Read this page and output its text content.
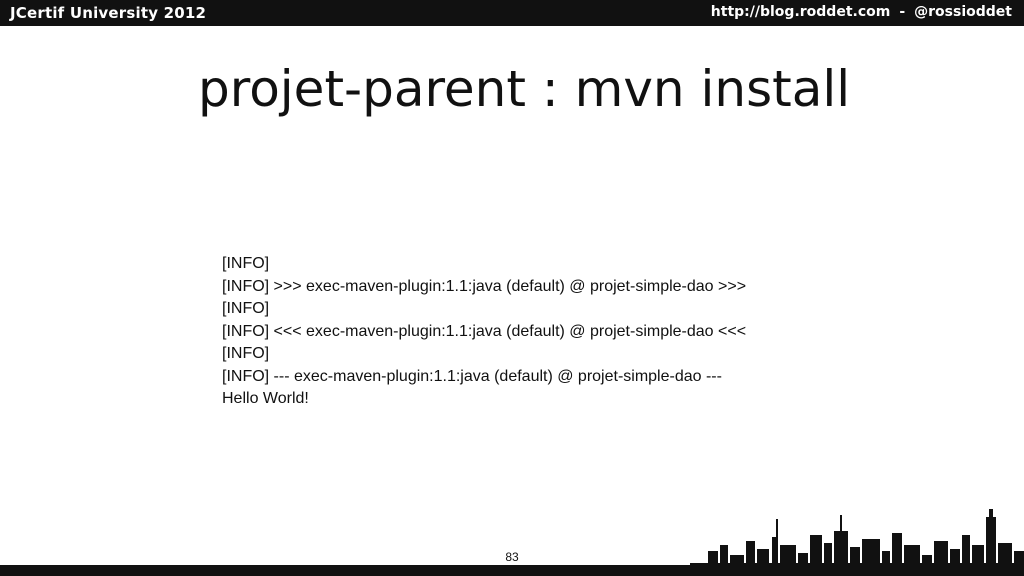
JCertif University 2012	http://blog.roddet.com - @rossioddet
projet-parent : mvn install
[INFO]
[INFO] >>> exec-maven-plugin:1.1:java (default) @ projet-simple-dao >>>
[INFO]
[INFO] <<< exec-maven-plugin:1.1:java (default) @ projet-simple-dao <<<
[INFO]
[INFO] --- exec-maven-plugin:1.1:java (default) @ projet-simple-dao ---
Hello World!
83
